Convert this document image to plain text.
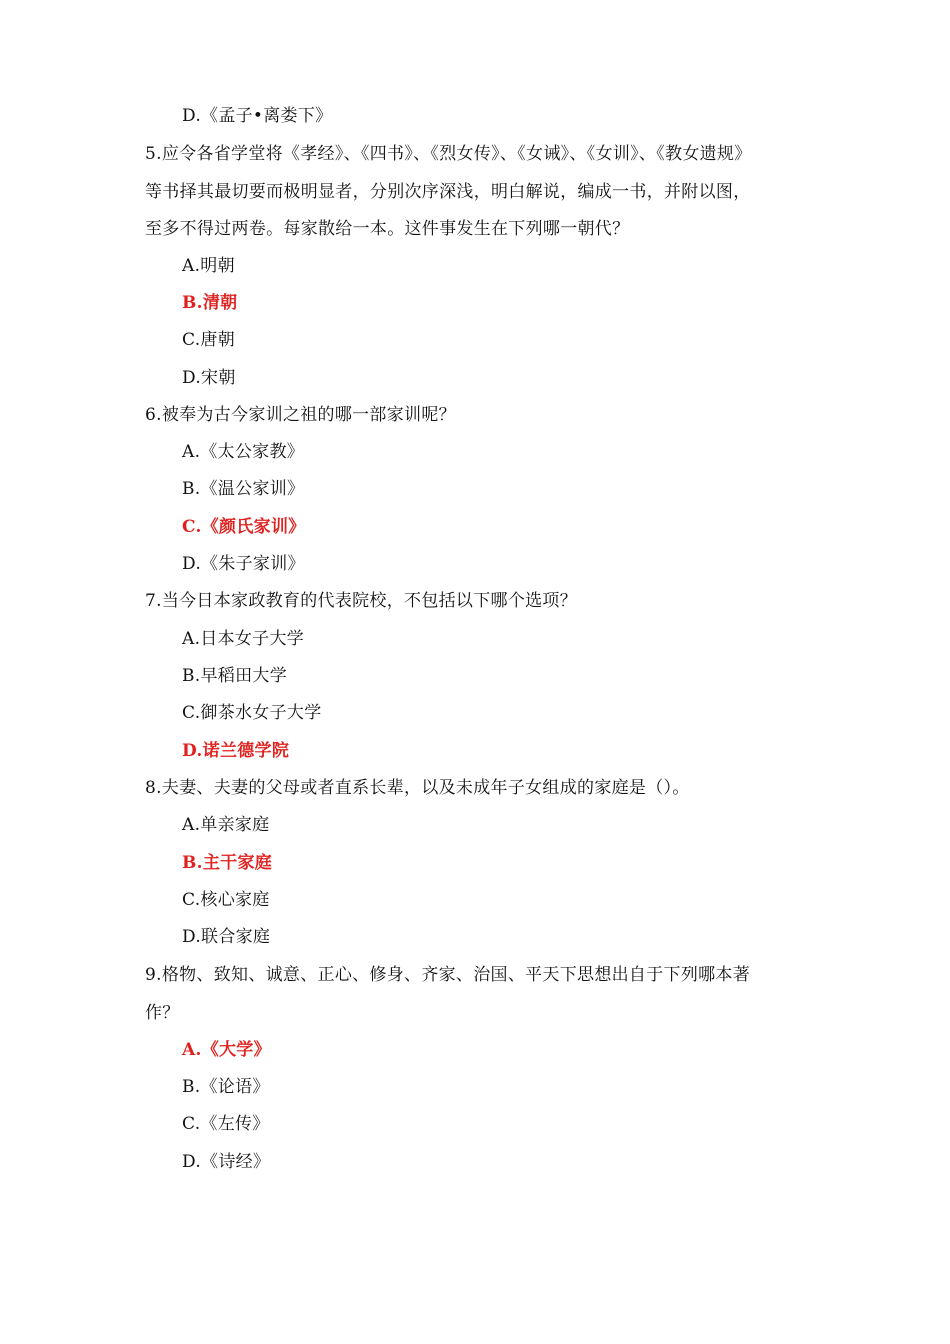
D.《孟子•离娄下》
5.应令各省学堂将《孝经》、《四书》、《烈女传》、《女诫》、《女训》、《教女遗规》
等书择其最切要而极明显者，分别次序深浅，明白解说，编成一书，并附以图，
至多不得过两卷。每家散给一本。这件事发生在下列哪一朝代？
A.明朝
B.清朝
C.唐朝
D.宋朝
6.被奉为古今家训之祖的哪一部家训呢？
A.《太公家教》
B.《温公家训》
C.《颜氏家训》
D.《朱子家训》
7.当今日本家政教育的代表院校，不包括以下哪个选项？
A.日本女子大学
B.早稻田大学
C.御茶水女子大学
D.诺兰德学院
8.夫妻、夫妻的父母或者直系长辈，以及未成年子女组成的家庭是（）。
A.单亲家庭
B.主干家庭
C.核心家庭
D.联合家庭
9.格物、致知、诚意、正心、修身、齐家、治国、平天下思想出自于下列哪本著
作？
A.《大学》
B.《论语》
C.《左传》
D.《诗经》
